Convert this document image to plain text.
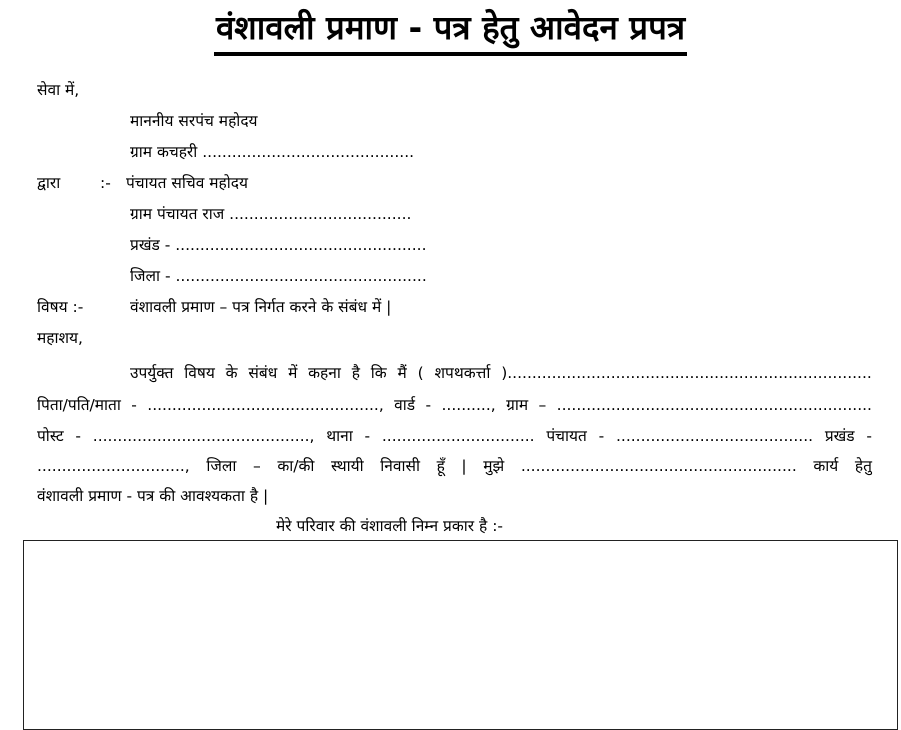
वंशावली प्रमाण - पत्र हेतु आवेदन प्रपत्र
सेवा में,
माननीय सरपंच महोदय
ग्राम कचहरी ...........................................
द्वारा	:- पंचायत सचिव महोदय
ग्राम पंचायत राज .....................................
प्रखंड - ...................................................
जिला - ...................................................
विषय :-	वंशावली प्रमाण – पत्र निर्गत करने के संबंध में |
महाशय,
उपर्युक्त विषय के संबंध में कहना है कि मैं ( शपथकर्त्ता )..........................................................................
पिता/पति/माता - ..............................................., वार्ड - .........., ग्राम – ................................................................
पोस्ट - ............................................, थाना - ............................... पंचायत - ........................................ प्रखंड -
.............................., जिला – का/की स्थायी निवासी हूँ | मुझे ........................................................ कार्य हेतु
वंशावली प्रमाण - पत्र की आवश्यकता है |
मेरे परिवार की वंशावली निम्न प्रकार है :-
